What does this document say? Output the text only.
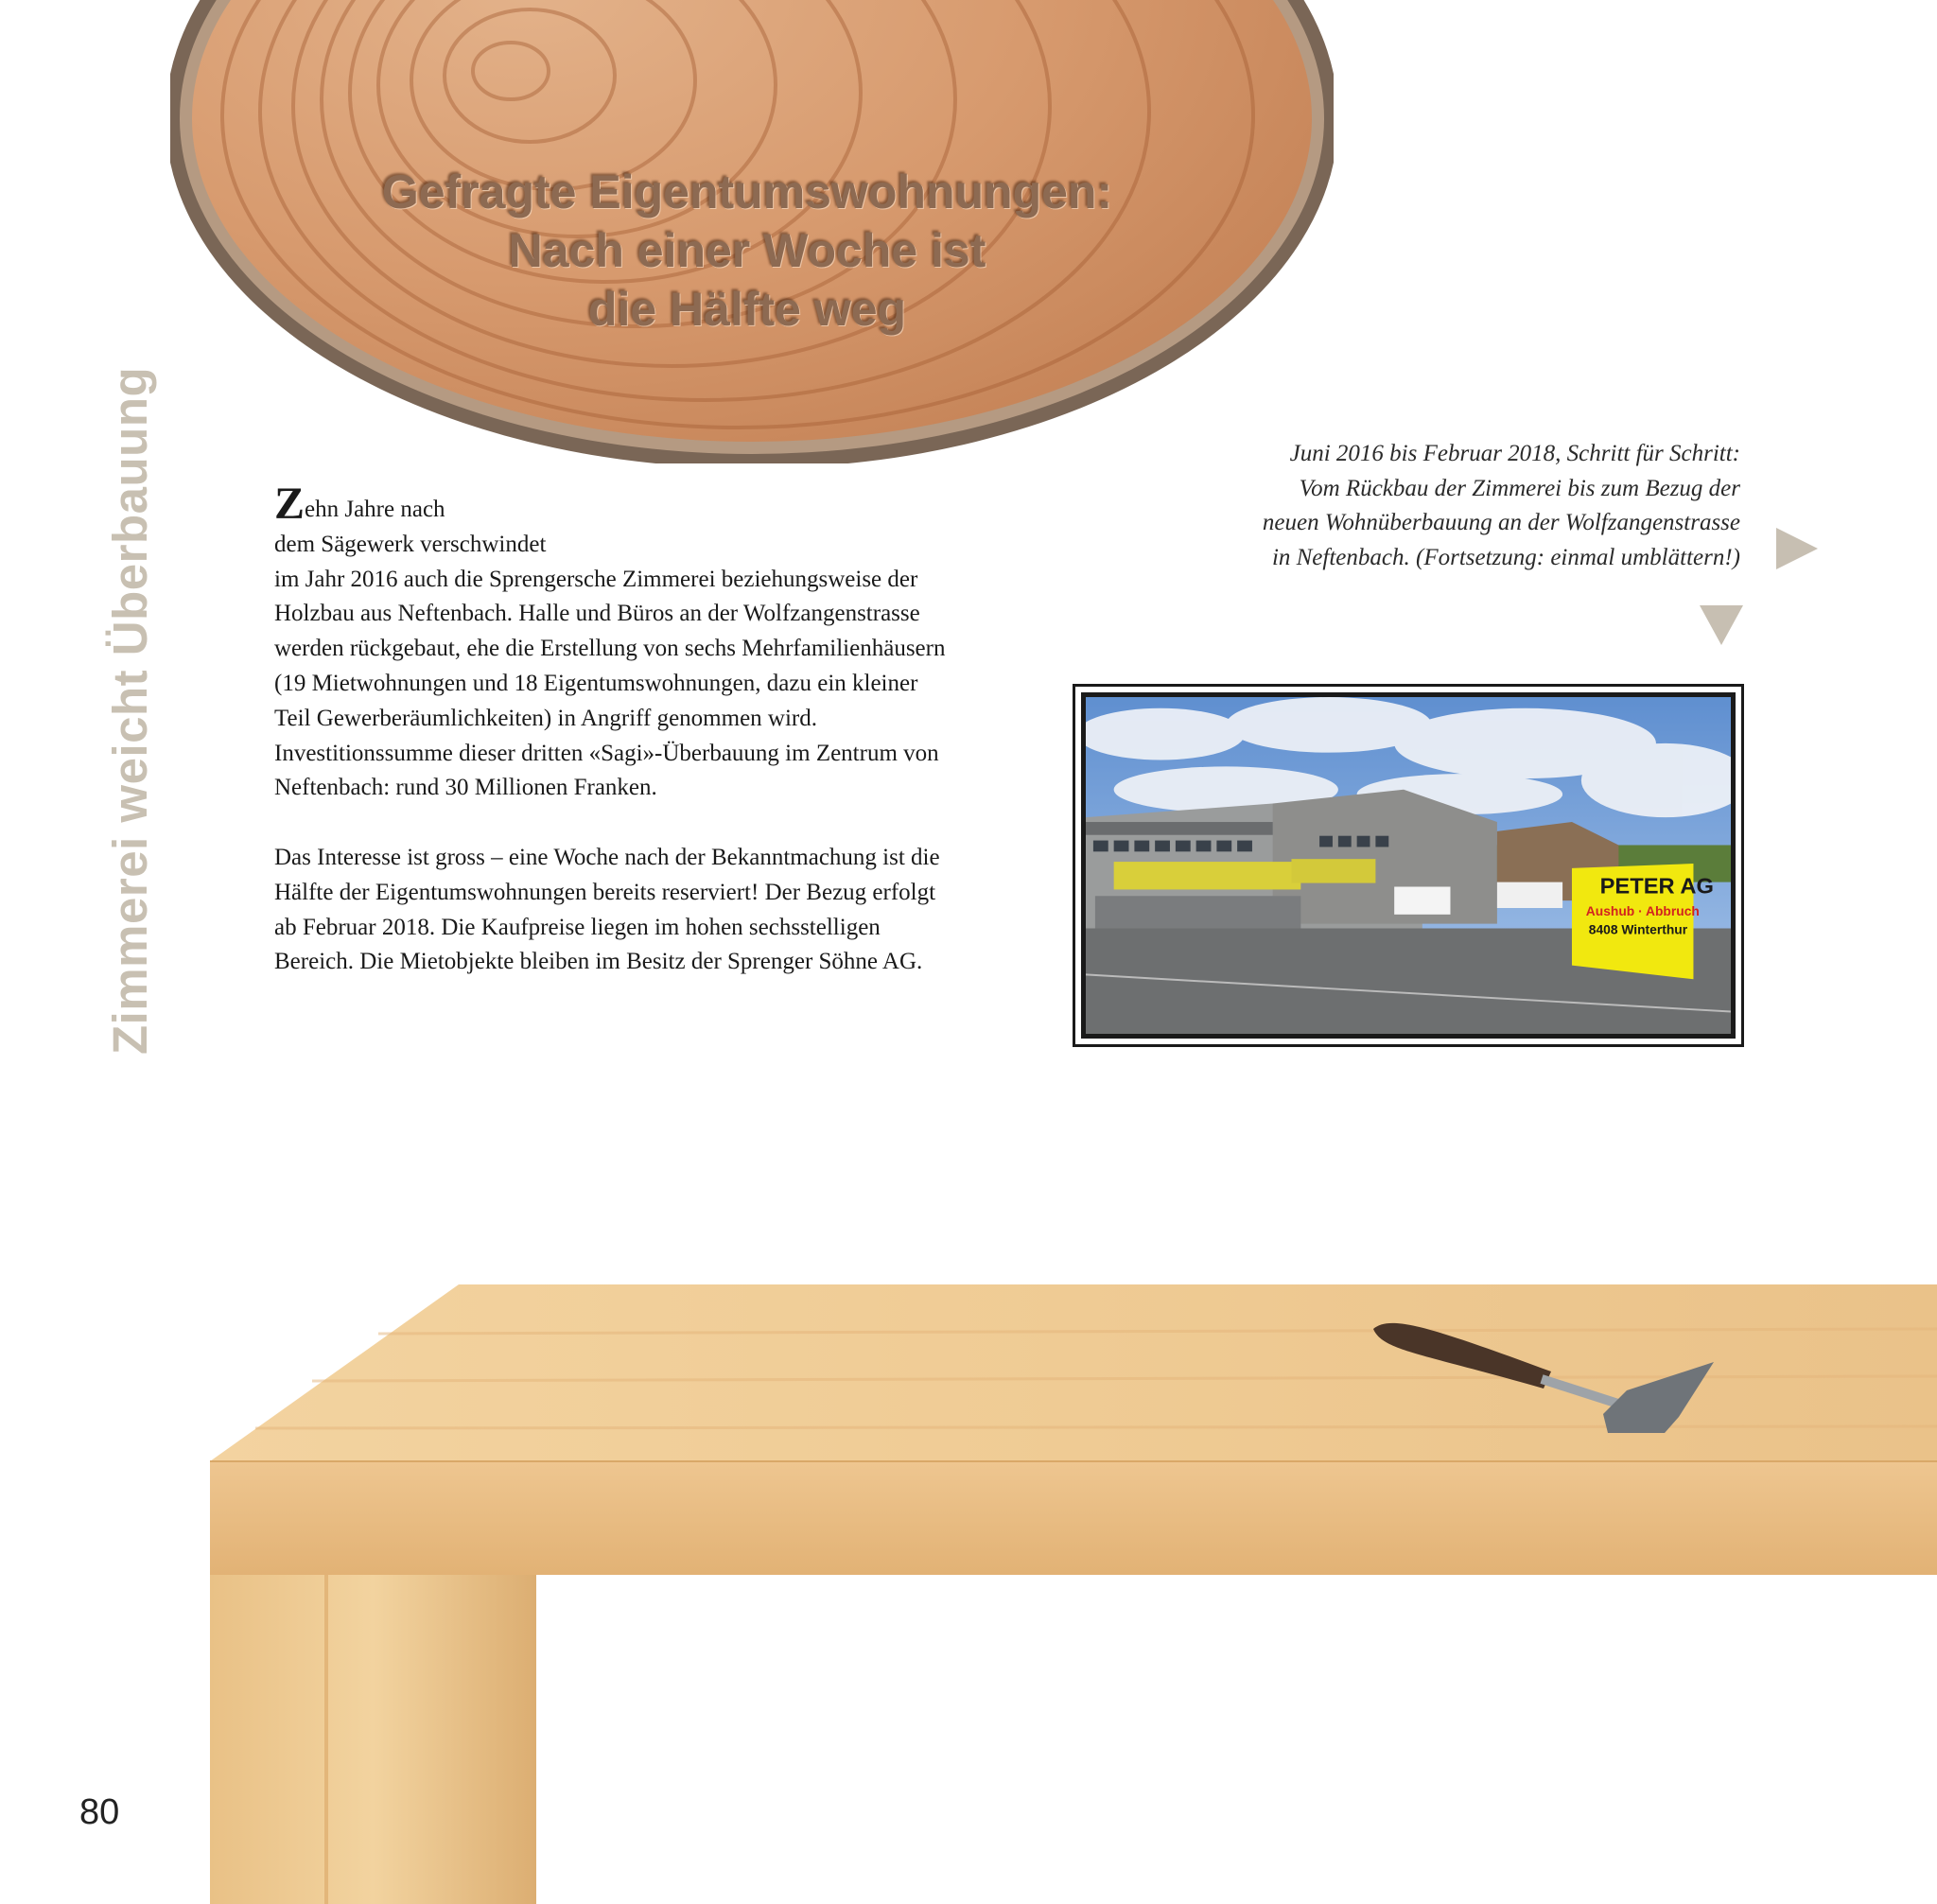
Gefragte Eigentumswohnungen:
Nach einer Woche ist
die Hälfte weg
Zimmerei weicht Überbauung	Zehn Jahre nach
dem Sägewerk verschwindet
im Jahr 2016 auch die Sprengersche Zimmerei beziehungsweise der Holzbau aus Neftenbach. Halle und Büros an der Wolfzangenstrasse werden rückgebaut, ehe die Erstellung von sechs Mehrfamilienhäusern (19 Mietwohnungen und 18 Eigentumswohnungen, dazu ein kleiner Teil Gewerberäumlichkeiten) in Angriff genommen wird. Investitionssumme dieser dritten «Sagi»-Überbauung im Zentrum von Neftenbach: rund 30 Millionen Franken.

Das Interesse ist gross – eine Woche nach der Bekanntmachung ist die Hälfte der Eigentumswohnungen bereits reserviert! Der Bezug erfolgt ab Februar 2018. Die Kaufpreise liegen im hohen sechsstelligen Bereich. Die Mietobjekte bleiben im Besitz der Sprenger Söhne AG.

Juni 2016 bis Februar 2018, Schritt für Schritt:
Vom Rückbau der Zimmerei bis zum Bezug der
neuen Wohnüberbauung an der Wolfzangenstrasse
in Neftenbach. (Fortsetzung: einmal umblättern!)
PETER AG
Aushub · Abbruch
8408 Winterthur
80
